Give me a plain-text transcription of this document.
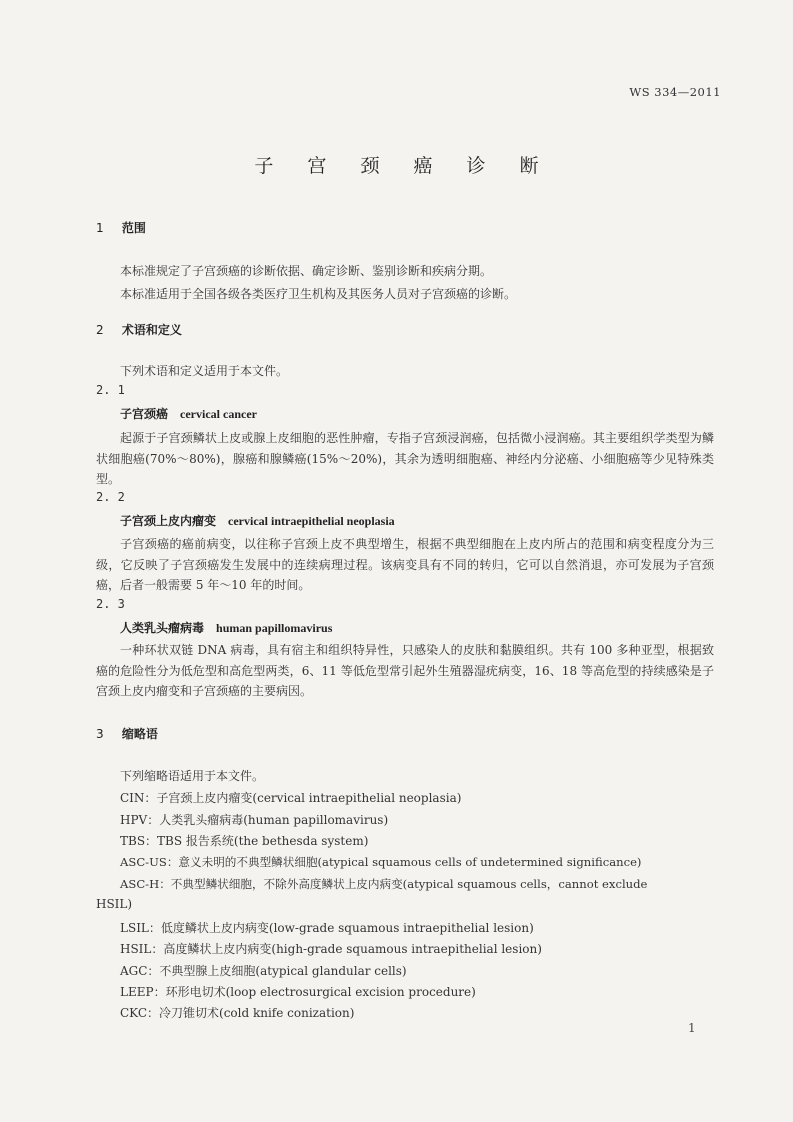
WS 334—2011
子 宫 颈 癌 诊 断
1 范围
本标准规定了子宫颈癌的诊断依据、确定诊断、鉴别诊断和疾病分期。
本标准适用于全国各级各类医疗卫生机构及其医务人员对子宫颈癌的诊断。
2 术语和定义
下列术语和定义适用于本文件。
2. 1
子宫颈癌 cervical cancer
起源于子宫颈鳞状上皮或腺上皮细胞的恶性肿瘤，专指子宫颈浸润癌，包括微小浸润癌。其主要组织学类型为鳞状细胞癌(70%～80%)，腺癌和腺鳞癌(15%～20%)，其余为透明细胞癌、神经内分泌癌、小细胞癌等少见特殊类型。
2. 2
子宫颈上皮内瘤变 cervical intraepithelial neoplasia
子宫颈癌的癌前病变，以往称子宫颈上皮不典型增生，根据不典型细胞在上皮内所占的范围和病变程度分为三级，它反映了子宫颈癌发生发展中的连续病理过程。该病变具有不同的转归，它可以自然消退，亦可发展为子宫颈癌，后者一般需要 5 年～10 年的时间。
2. 3
人类乳头瘤病毒 human papillomavirus
一种环状双链 DNA 病毒，具有宿主和组织特异性，只感染人的皮肤和黏膜组织。共有 100 多种亚型，根据致癌的危险性分为低危型和高危型两类，6、11 等低危型常引起外生殖器湿疣病变，16、18 等高危型的持续感染是子宫颈上皮内瘤变和子宫颈癌的主要病因。
3 缩略语
下列缩略语适用于本文件。
CIN：子宫颈上皮内瘤变(cervical intraepithelial neoplasia)
HPV：人类乳头瘤病毒(human papillomavirus)
TBS：TBS 报告系统(the bethesda system)
ASC-US：意义未明的不典型鳞状细胞(atypical squamous cells of undetermined significance)
ASC-H：不典型鳞状细胞，不除外高度鳞状上皮内病变(atypical squamous cells，cannot exclude
HSIL)
LSIL：低度鳞状上皮内病变(low-grade squamous intraepithelial lesion)
HSIL：高度鳞状上皮内病变(high-grade squamous intraepithelial lesion)
AGC：不典型腺上皮细胞(atypical glandular cells)
LEEP：环形电切术(loop electrosurgical excision procedure)
CKC：冷刀锥切术(cold knife conization)
1
